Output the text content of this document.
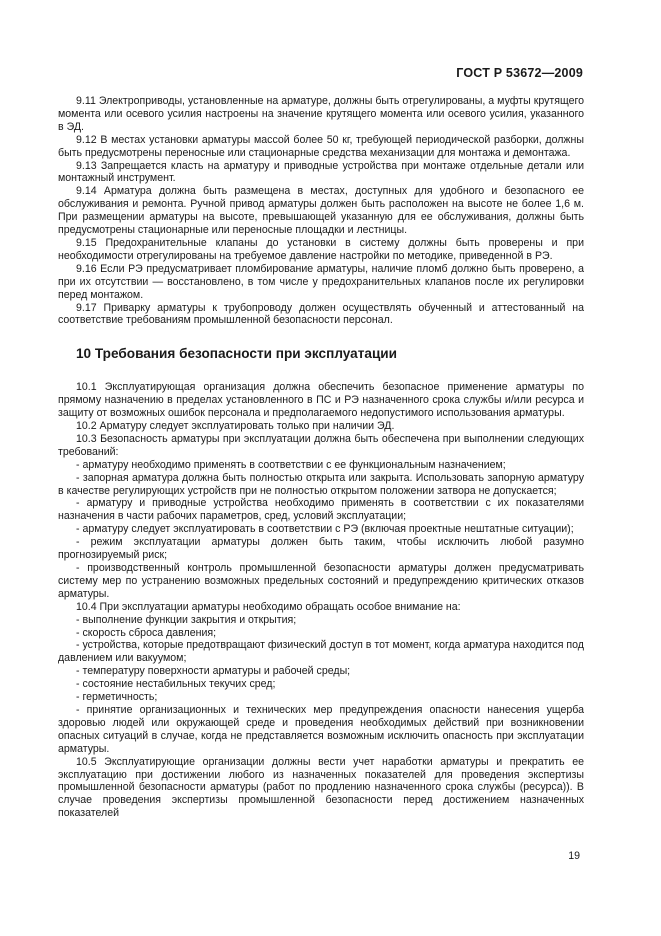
ГОСТ Р 53672—2009

9.11 Электроприводы, установленные на арматуре, должны быть отрегулированы, а муфты крутящего момента или осевого усилия настроены на значение крутящего момента или осевого усилия, указанного в ЭД.

9.12 В местах установки арматуры массой более 50 кг, требующей периодической разборки, должны быть предусмотрены переносные или стационарные средства механизации для монтажа и демонтажа.

9.13 Запрещается класть на арматуру и приводные устройства при монтаже отдельные детали или монтажный инструмент.

9.14 Арматура должна быть размещена в местах, доступных для удобного и безопасного ее обслуживания и ремонта. Ручной привод арматуры должен быть расположен на высоте не более 1,6 м. При размещении арматуры на высоте, превышающей указанную для ее обслуживания, должны быть предусмотрены стационарные или переносные площадки и лестницы.

9.15 Предохранительные клапаны до установки в систему должны быть проверены и при необходимости отрегулированы на требуемое давление настройки по методике, приведенной в РЭ.

9.16 Если РЭ предусматривает пломбирование арматуры, наличие пломб должно быть проверено, а при их отсутствии — восстановлено, в том числе у предохранительных клапанов после их регулировки перед монтажом.

9.17 Приварку арматуры к трубопроводу должен осуществлять обученный и аттестованный на соответствие требованиям промышленной безопасности персонал.

10 Требования безопасности при эксплуатации

10.1 Эксплуатирующая организация должна обеспечить безопасное применение арматуры по прямому назначению в пределах установленного в ПС и РЭ назначенного срока службы и/или ресурса и защиту от возможных ошибок персонала и предполагаемого недопустимого использования арматуры.

10.2 Арматуру следует эксплуатировать только при наличии ЭД.

10.3 Безопасность арматуры при эксплуатации должна быть обеспечена при выполнении следующих требований:

- арматуру необходимо применять в соответствии с ее функциональным назначением;

- запорная арматура должна быть полностью открыта или закрыта. Использовать запорную арматуру в качестве регулирующих устройств при не полностью открытом положении затвора не допускается;

- арматуру и приводные устройства необходимо применять в соответствии с их показателями назначения в части рабочих параметров, сред, условий эксплуатации;

- арматуру следует эксплуатировать в соответствии с РЭ (включая проектные нештатные ситуации);

- режим эксплуатации арматуры должен быть таким, чтобы исключить любой разумно прогнозируемый риск;

- производственный контроль промышленной безопасности арматуры должен предусматривать систему мер по устранению возможных предельных состояний и предупреждению критических отказов арматуры.

10.4 При эксплуатации арматуры необходимо обращать особое внимание на:

- выполнение функции закрытия и открытия;

- скорость сброса давления;

- устройства, которые предотвращают физический доступ в тот момент, когда арматура находится под давлением или вакуумом;

- температуру поверхности арматуры и рабочей среды;

- состояние нестабильных текучих сред;

- герметичность;

- принятие организационных и технических мер предупреждения опасности нанесения ущерба здоровью людей или окружающей среде и проведения необходимых действий при возникновении опасных ситуаций в случае, когда не представляется возможным исключить опасность при эксплуатации арматуры.

10.5 Эксплуатирующие организации должны вести учет наработки арматуры и прекратить ее эксплуатацию при достижении любого из назначенных показателей для проведения экспертизы промышленной безопасности арматуры (работ по продлению назначенного срока службы (ресурса)). В случае проведения экспертизы промышленной безопасности перед достижением назначенных показателей

19
